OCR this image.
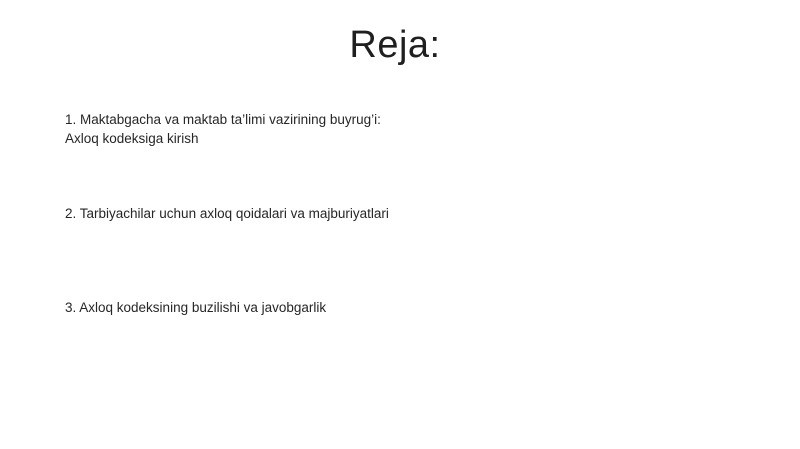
Reja:
1. Maktabgacha va maktab ta’limi vazirining buyrug’i:
Axloq kodeksiga kirish
2. Tarbiyachilar uchun axloq qoidalari va majburiyatlari
3. Axloq kodeksining buzilishi va javobgarlik
